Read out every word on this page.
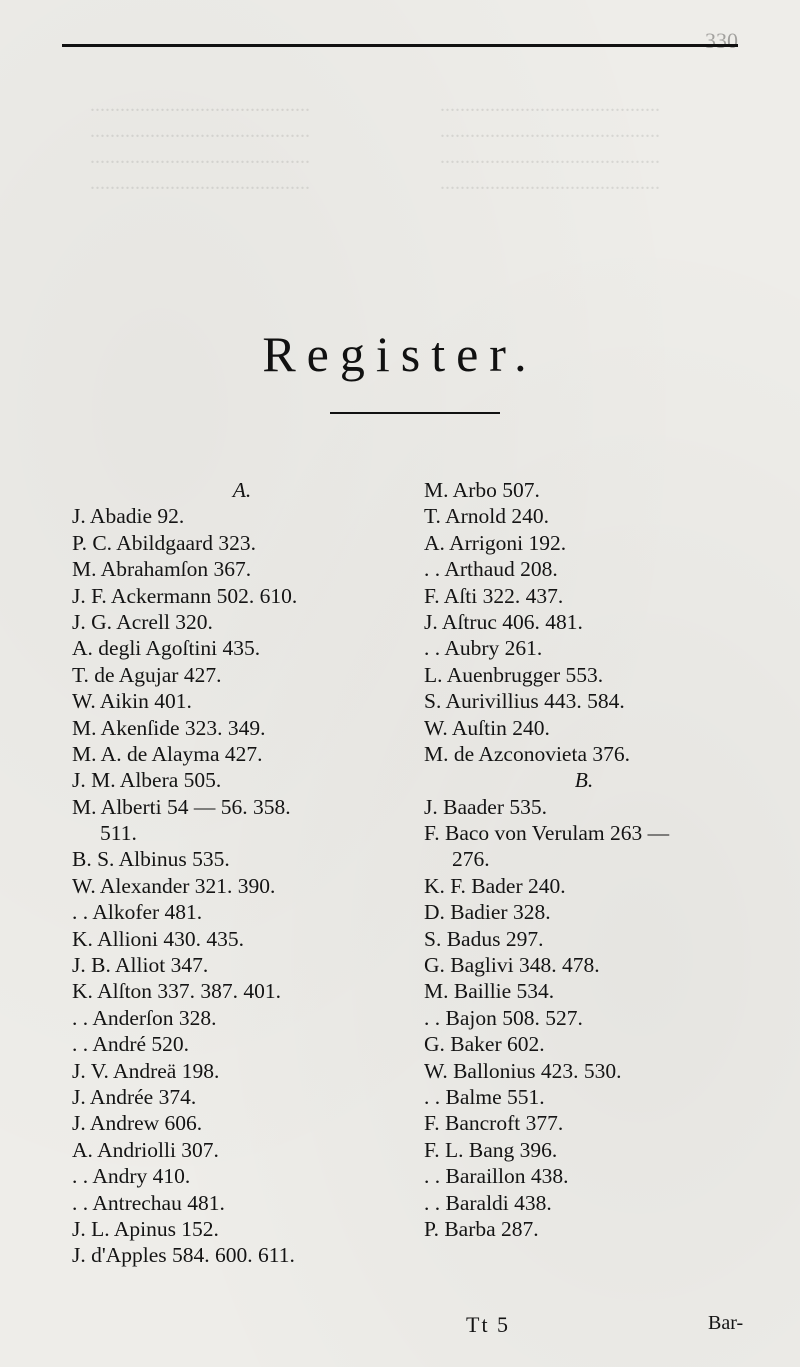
............................................
............................................
............................................
............................................
............................................
............................................
............................................
............................................
330
Register.
A.
J. Abadie 92.
P. C. Abildgaard 323.
M. Abrahamſon 367.
J. F. Ackermann 502. 610.
J. G. Acrell 320.
A. degli Agoſtini 435.
T. de Agujar 427.
W. Aikin 401.
M. Akenſide 323. 349.
M. A. de Alayma 427.
J. M. Albera 505.
M. Alberti 54 — 56. 358.
511.
B. S. Albinus 535.
W. Alexander 321. 390.
. . Alkofer 481.
K. Allioni 430. 435.
J. B. Alliot 347.
K. Alſton 337. 387. 401.
. . Anderſon 328.
. . André 520.
J. V. Andreä 198.
J. Andrée 374.
J. Andrew 606.
A. Andriolli 307.
. . Andry 410.
. . Antrechau 481.
J. L. Apinus 152.
J. d'Apples 584. 600. 611.
M. Arbo 507.
T. Arnold 240.
A. Arrigoni 192.
. . Arthaud 208.
F. Aſti 322. 437.
J. Aſtruc 406. 481.
. . Aubry 261.
L. Auenbrugger 553.
S. Aurivillius 443. 584.
W. Auſtin 240.
M. de Azconovieta 376.
B.
J. Baader 535.
F. Baco von Verulam 263 —
276.
K. F. Bader 240.
D. Badier 328.
S. Badus 297.
G. Baglivi 348. 478.
M. Baillie 534.
. . Bajon 508. 527.
G. Baker 602.
W. Ballonius 423. 530.
. . Balme 551.
F. Bancroft 377.
F. L. Bang 396.
. . Baraillon 438.
. . Baraldi 438.
P. Barba 287.
Tt 5	Bar-
